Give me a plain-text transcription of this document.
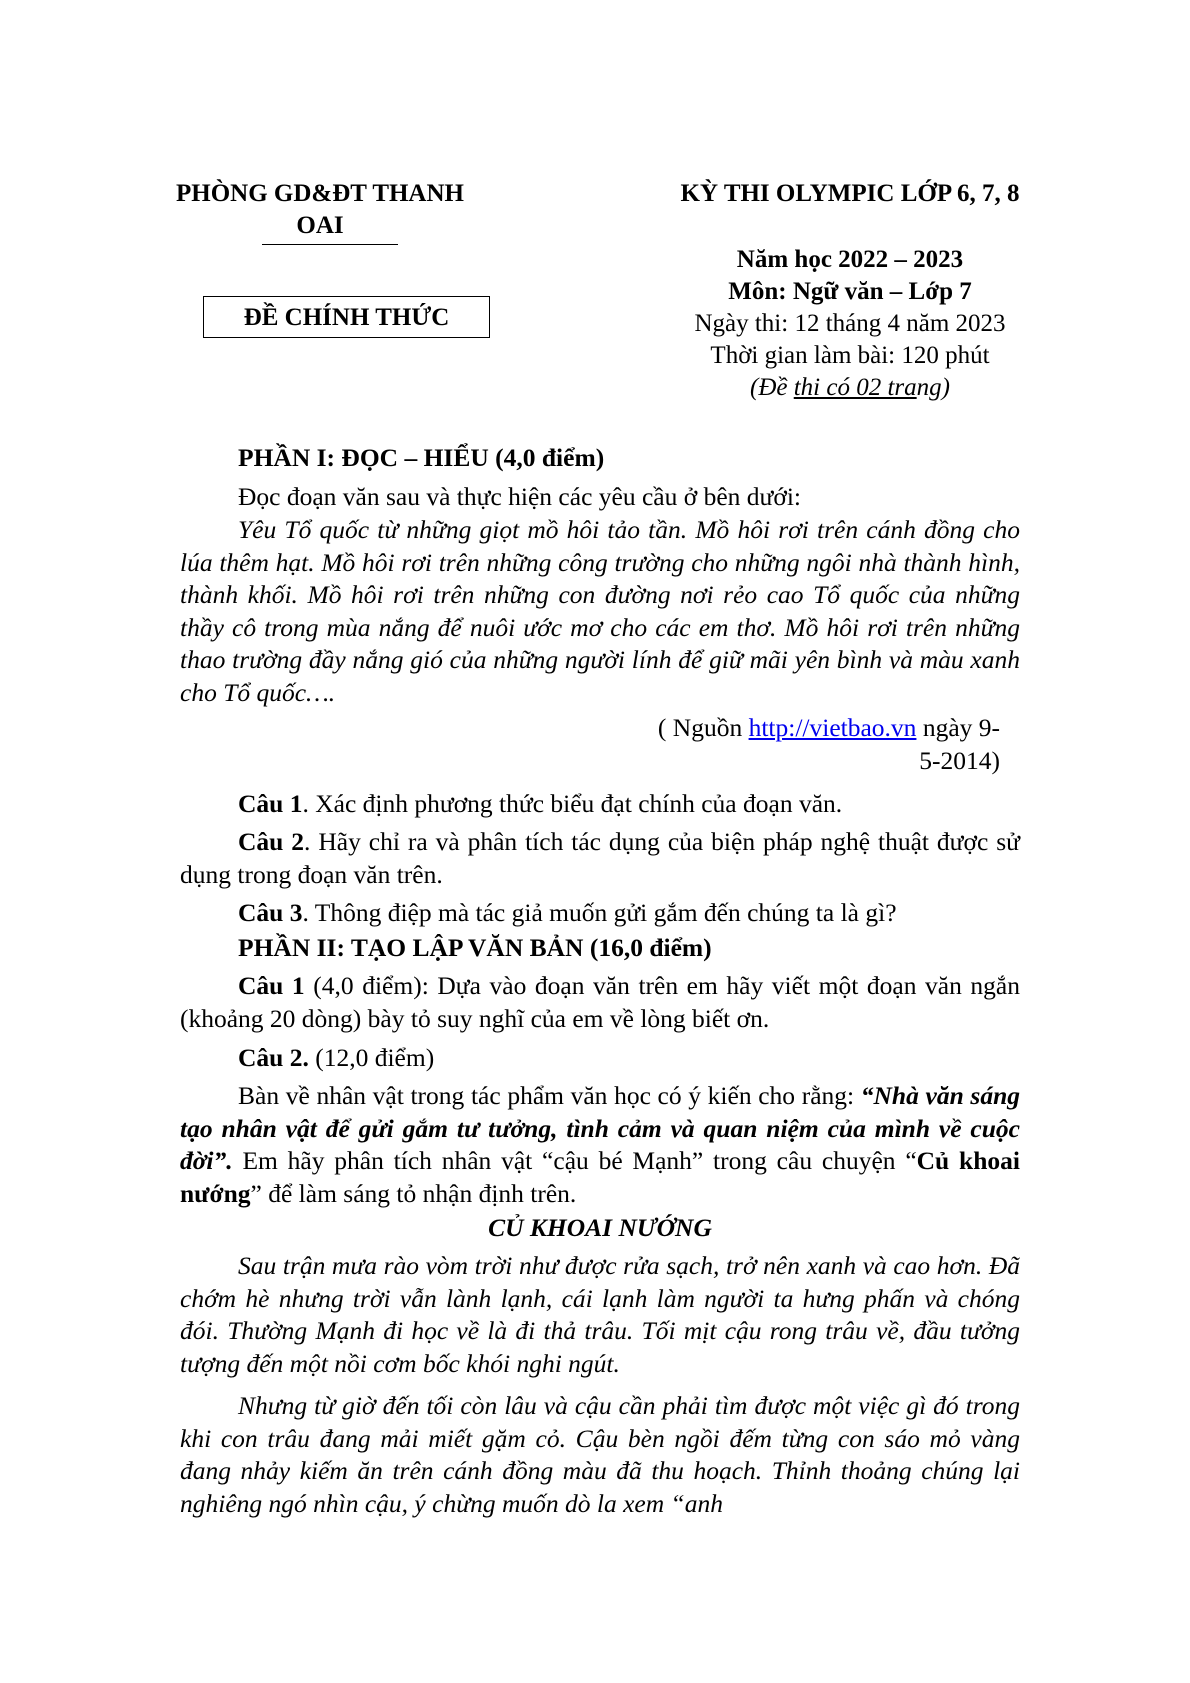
PHÒNG GD&ĐT THANH
OAI
ĐỀ CHÍNH THỨC
KỲ THI OLYMPIC LỚP 6, 7, 8
Năm học 2022 – 2023
Môn: Ngữ văn – Lớp 7
Ngày thi: 12 tháng 4 năm 2023
Thời gian làm bài: 120 phút
(Đề thi có 02 trang)

PHẦN I: ĐỌC – HIỂU (4,0 điểm)

Đọc đoạn văn sau và thực hiện các yêu cầu ở bên dưới:

Yêu Tổ quốc từ những giọt mồ hôi tảo tần. Mồ hôi rơi trên cánh đồng cho lúa thêm hạt. Mồ hôi rơi trên những công trường cho những ngôi nhà thành hình, thành khối. Mồ hôi rơi trên những con đường nơi rẻo cao Tổ quốc của những thầy cô trong mùa nắng để nuôi ước mơ cho các em thơ. Mồ hôi rơi trên những thao trường đầy nắng gió của những người lính để giữ mãi yên bình và màu xanh cho Tổ quốc….

( Nguồn http://vietbao.vn ngày 9-
5-2014)

Câu 1. Xác định phương thức biểu đạt chính của đoạn văn.

Câu 2. Hãy chỉ ra và phân tích tác dụng của biện pháp nghệ thuật được sử dụng trong đoạn văn trên.

Câu 3. Thông điệp mà tác giả muốn gửi gắm đến chúng ta là gì?

PHẦN II: TẠO LẬP VĂN BẢN (16,0 điểm)

Câu 1 (4,0 điểm): Dựa vào đoạn văn trên em hãy viết một đoạn văn ngắn (khoảng 20 dòng) bày tỏ suy nghĩ của em về lòng biết ơn.

Câu 2. (12,0 điểm)

Bàn về nhân vật trong tác phẩm văn học có ý kiến cho rằng: “Nhà văn sáng tạo nhân vật để gửi gắm tư tưởng, tình cảm và quan niệm của mình về cuộc đời”. Em hãy phân tích nhân vật “cậu bé Mạnh” trong câu chuyện “Củ khoai nướng” để làm sáng tỏ nhận định trên.

CỦ KHOAI NƯỚNG

Sau trận mưa rào vòm trời như được rửa sạch, trở nên xanh và cao hơn. Đã chớm hè nhưng trời vẫn lành lạnh, cái lạnh làm người ta hưng phấn và chóng đói. Thường Mạnh đi học về là đi thả trâu. Tối mịt cậu rong trâu về, đầu tưởng tượng đến một nồi cơm bốc khói nghi ngút.

Nhưng từ giờ đến tối còn lâu và cậu cần phải tìm được một việc gì đó trong khi con trâu đang mải miết gặm cỏ. Cậu bèn ngồi đếm từng con sáo mỏ vàng đang nhảy kiếm ăn trên cánh đồng màu đã thu hoạch. Thỉnh thoảng chúng lại nghiêng ngó nhìn cậu, ý chừng muốn dò la xem “anh
